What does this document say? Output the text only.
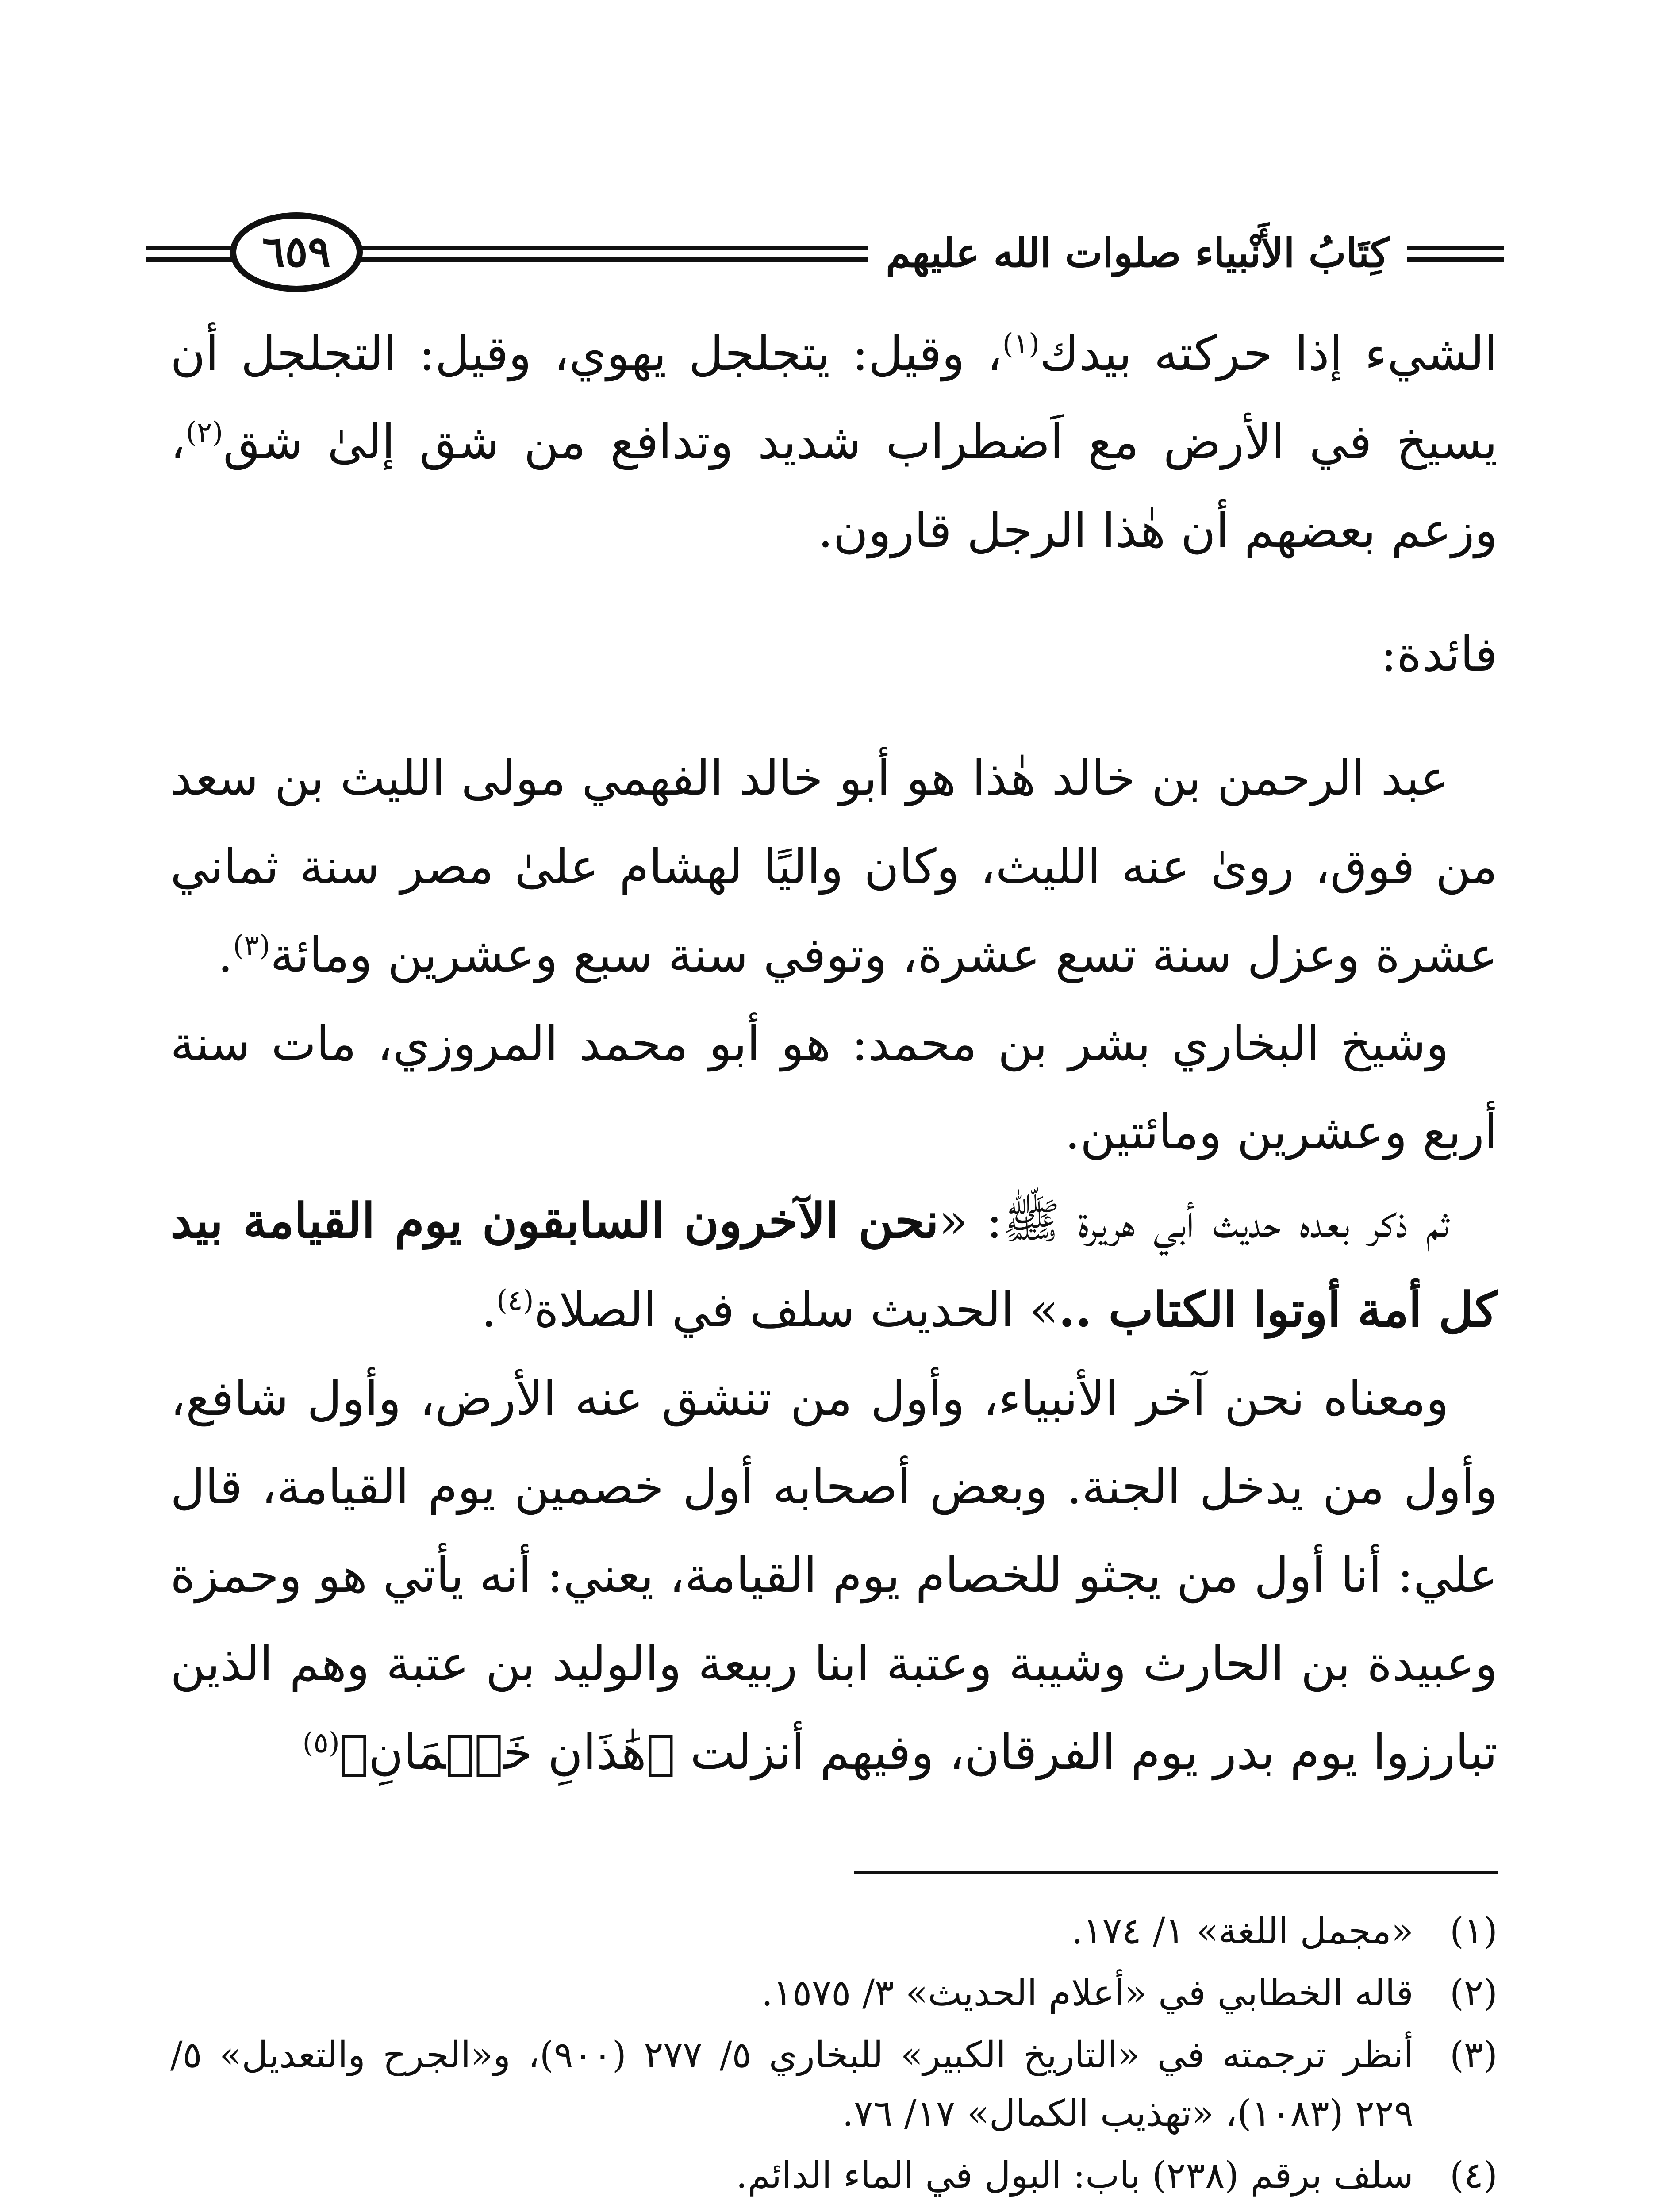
كِتَابُ الأَنْبياء صلوات الله عليهم
٦٥٩

الشيء إذا حركته بيدك$^{(١)}$، وقيل: يتجلجل يهوي، وقيل: التجلجل أن يسيخ في الأرض مع اَضطراب شديد وتدافع من شق إلىٰ شق$^{(٢)}$، وزعم بعضهم أن هٰذا الرجل قارون.

فائدة:

عبد الرحمن بن خالد هٰذا هو أبو خالد الفهمي مولى الليث بن سعد من فوق، روىٰ عنه الليث، وكان واليًا لهشام علىٰ مصر سنة ثماني عشرة وعزل سنة تسع عشرة، وتوفي سنة سبع وعشرين ومائة$^{(٣)}$.

وشيخ البخاري بشر بن محمد: هو أبو محمد المروزي، مات سنة أربع وعشرين ومائتين.

ثم ذكر بعده حديث أبي هريرة ﷺ: «نحن الآخرون السابقون يوم القيامة بيد كل أمة أوتوا الكتاب ..» الحديث سلف في الصلاة$^{(٤)}$.

ومعناه نحن آخر الأنبياء، وأول من تنشق عنه الأرض، وأول شافع، وأول من يدخل الجنة. وبعض أصحابه أول خصمين يوم القيامة، قال علي: أنا أول من يجثو للخصام يوم القيامة، يعني: أنه يأتي هو وحمزة وعبيدة بن الحارث وشيبة وعتبة ابنا ربيعة والوليد بن عتبة وهم الذين تبارزوا يوم بدر يوم الفرقان، وفيهم أنزلت ﴿هَٰذَانِ خَصۡمَانِ﴾$^{(٥)}$

(١)
«مجمل اللغة» ١/ ١٧٤.
(٢)
قاله الخطابي في «أعلام الحديث» ٣/ ١٥٧٥.
(٣)
أنظر ترجمته في «التاريخ الكبير» للبخاري ٥/ ٢٧٧ (٩٠٠)، و«الجرح والتعديل» ٥/ ٢٢٩ (١٠٨٣)، «تهذيب الكمال» ١٧/ ٧٦.
(٤)
سلف برقم (٢٣٨) باب: البول في الماء الدائم.
